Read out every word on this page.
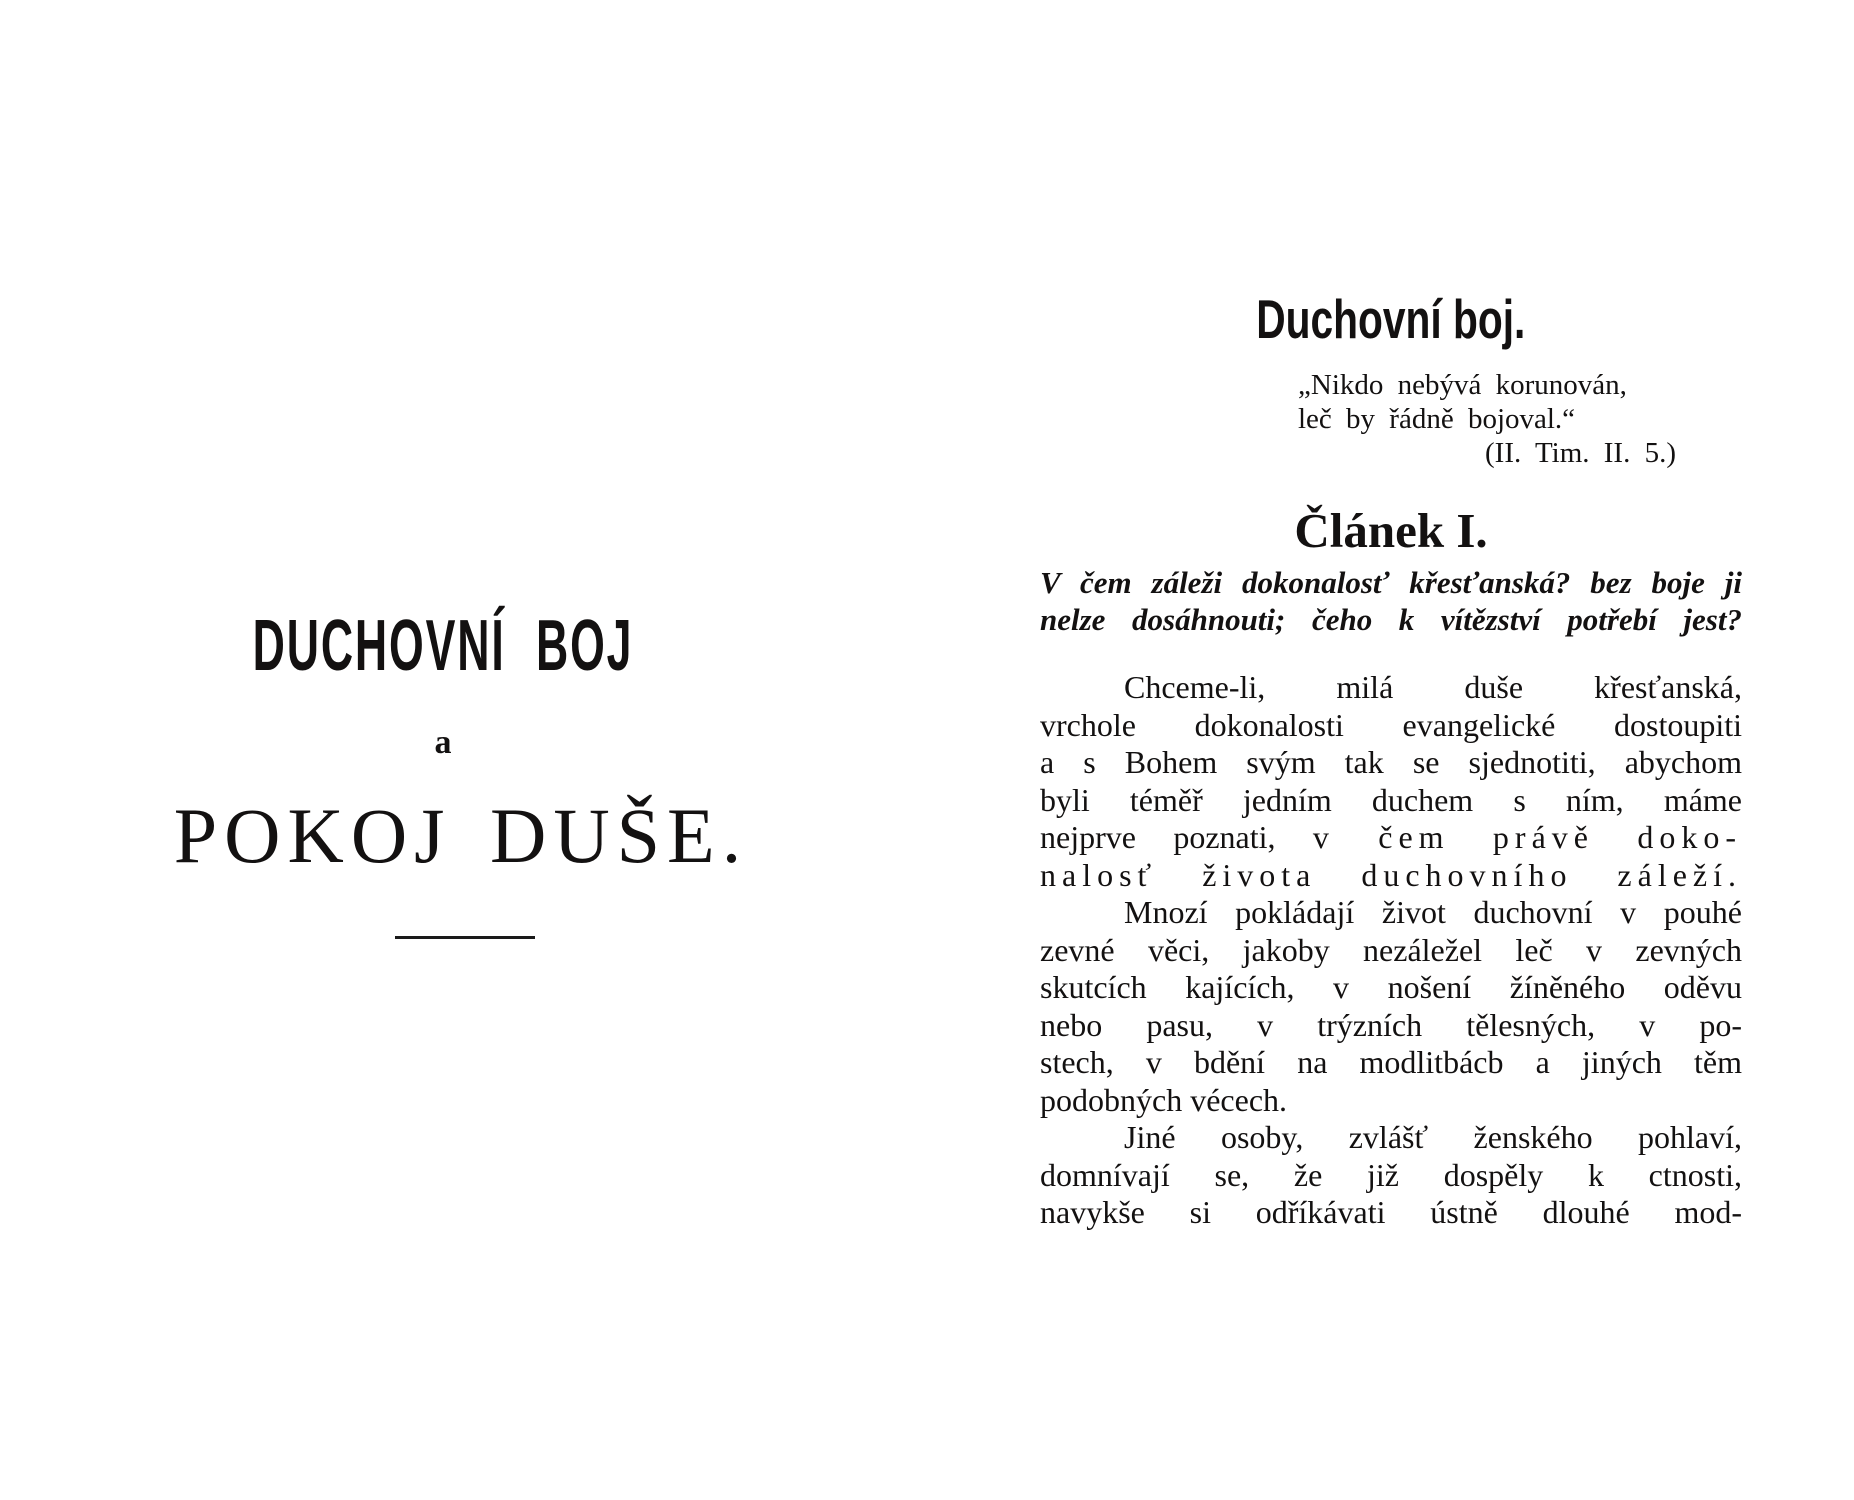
DUCHOVNÍ BOJ
a
POKOJ DUŠE.
Duchovní boj.
„Nikdo nebývá korunován,
leč by řádně bojoval.“
(II. Tim. II. 5.)
Článek I.
V čem záleži dokonalosť křesťanská? bez boje ji
nelze dosáhnouti; čeho k vítězství potřebí jest?
Chceme-li, milá duše křesťanská,
vrchole dokonalosti evangelické dostoupiti
a s Bohem svým tak se sjednotiti, abychom
byli téměř jedním duchem s ním, máme
nejprve poznati, v čem právě doko-
nalosť života duchovního záleží.
Mnozí pokládají život duchovní v pouhé
zevné věci, jakoby nezáležel leč v zevných
skutcích kajících, v nošení žíněného oděvu
nebo pasu, v trýzních tělesných, v po-
stech, v bdění na modlitbácb a jiných těm
podobných vécech.
Jiné osoby, zvlášť ženského pohlaví,
domnívají se, že již dospěly k ctnosti,
navykše si odříkávati ústně dlouhé mod-
